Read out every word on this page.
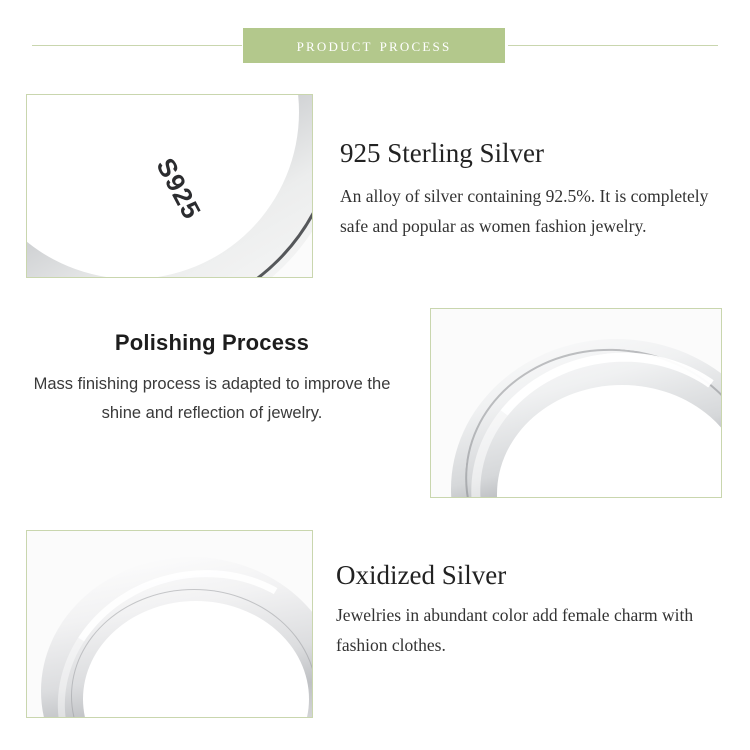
product process
S925	925 Sterling Silver

An alloy of silver containing 92.5%. It is completely safe and popular as women fashion jewelry.

Polishing Process

Mass finishing process is adapted to improve the shine and reflection of jewelry.

Oxidized Silver

Jewelries in abundant color add female charm with fashion clothes.
